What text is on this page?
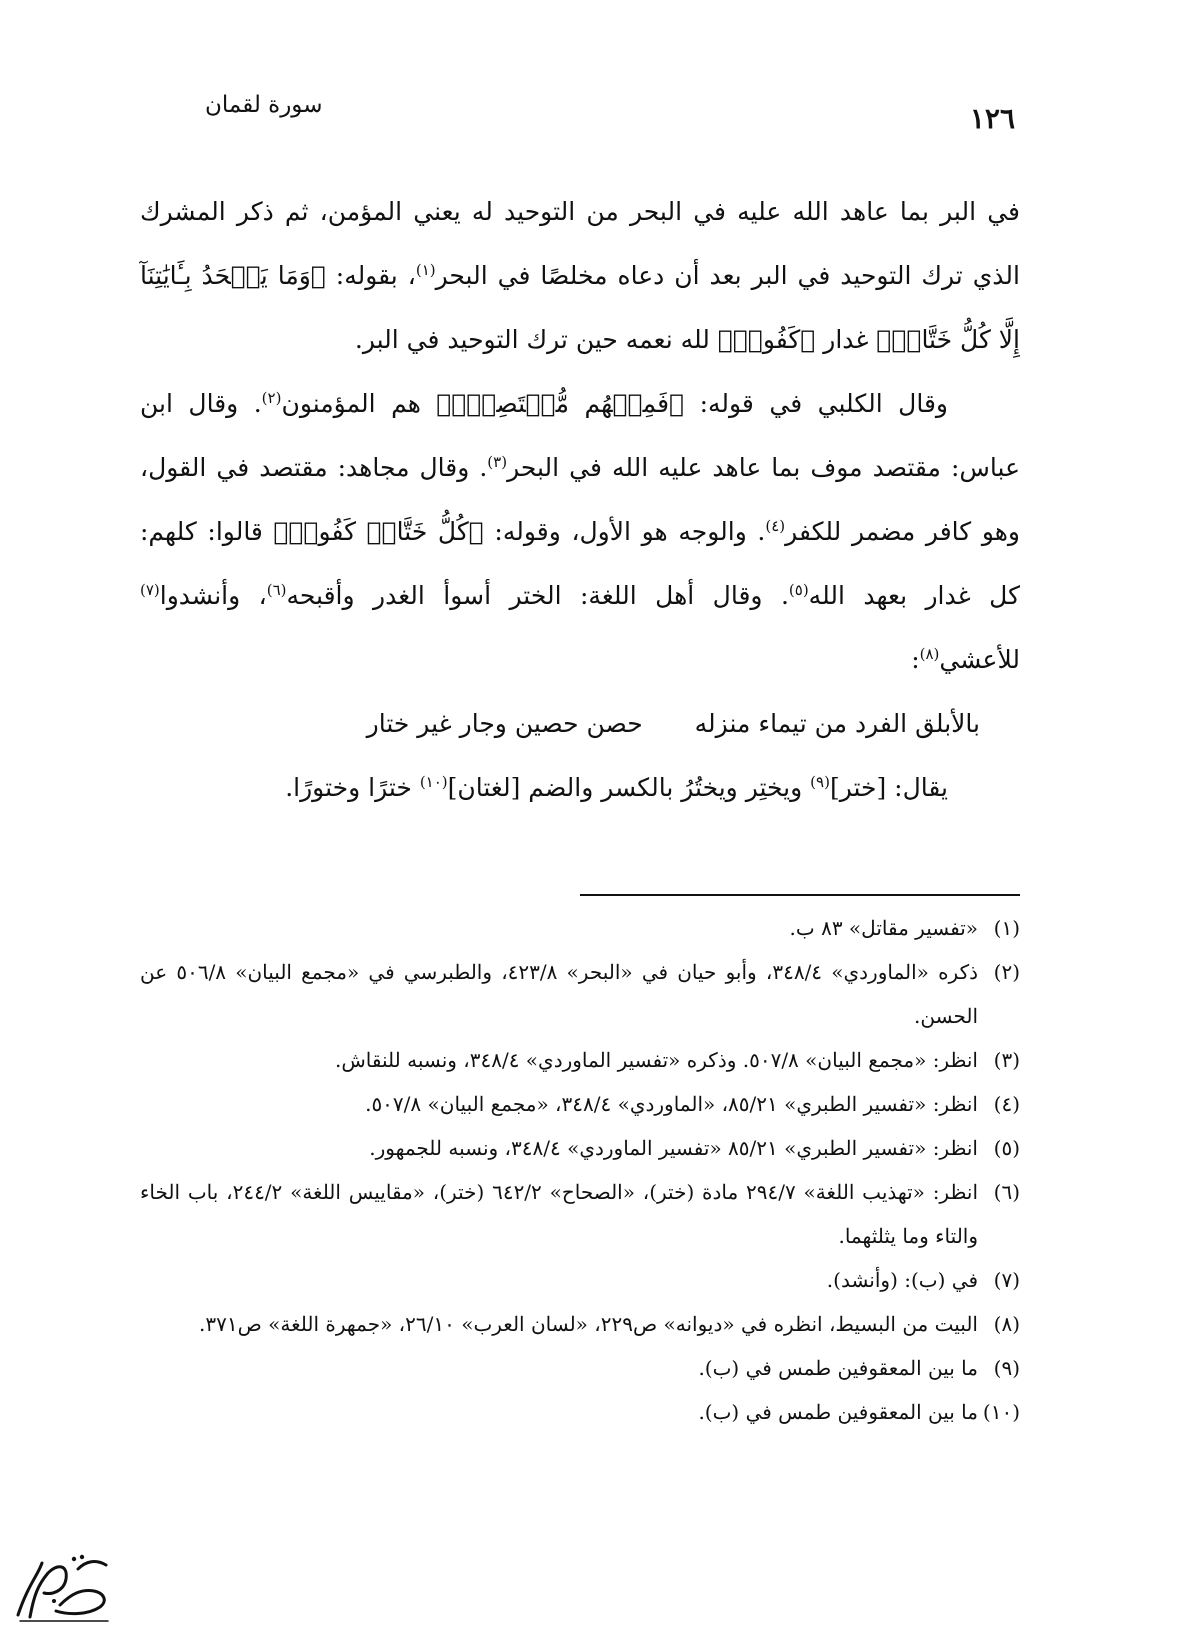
١٢٦
سورة لقمان

في البر بما عاهد الله عليه في البحر من التوحيد له يعني المؤمن، ثم ذكر المشرك الذي ترك التوحيد في البر بعد أن دعاه مخلصًا في البحر$^{(١)}$، بقوله: ﴿وَمَا يَجۡحَدُ بِـَٔايَٰتِنَآ إِلَّا كُلُّ خَتَّارٖ﴾ غدار ﴿كَفُورٖ﴾ لله نعمه حين ترك التوحيد في البر.

وقال الكلبي في قوله: ﴿فَمِنۡهُم مُّقۡتَصِدٞۚ﴾ هم المؤمنون$^{(٢)}$. وقال ابن عباس: مقتصد موف بما عاهد عليه الله في البحر$^{(٣)}$. وقال مجاهد: مقتصد في القول، وهو كافر مضمر للكفر$^{(٤)}$. والوجه هو الأول، وقوله: ﴿كُلُّ خَتَّارٖ كَفُورٖ﴾ قالوا: كلهم: كل غدار بعهد الله$^{(٥)}$. وقال أهل اللغة: الختر أسوأ الغدر وأقبحه$^{(٦)}$، وأنشدوا$^{(٧)}$ للأعشي$^{(٨)}$:

بالأبلق الفرد من تيماء منزله
حصن حصين وجار غير ختار

يقال: [ختر]$^{(٩)}$ ويختِر ويختُرُ بالكسر والضم [لغتان]$^{(١٠)}$ خترًا وختورًا.

(١)
«تفسير مقاتل» ٨٣ ب.
(٢)
ذكره «الماوردي» ٣٤٨/٤، وأبو حيان في «البحر» ٤٢٣/٨، والطبرسي في «مجمع البيان» ٥٠٦/٨ عن الحسن.
(٣)
انظر: «مجمع البيان» ٥٠٧/٨. وذكره «تفسير الماوردي» ٣٤٨/٤، ونسبه للنقاش.
(٤)
انظر: «تفسير الطبري» ٨٥/٢١، «الماوردي» ٣٤٨/٤، «مجمع البيان» ٥٠٧/٨.
(٥)
انظر: «تفسير الطبري» ٨٥/٢١ «تفسير الماوردي» ٣٤٨/٤، ونسبه للجمهور.
(٦)
انظر: «تهذيب اللغة» ٢٩٤/٧ مادة (ختر)، «الصحاح» ٦٤٢/٢ (ختر)، «مقاييس اللغة» ٢٤٤/٢، باب الخاء والتاء وما يثلثهما.
(٧)
في (ب): (وأنشد).
(٨)
البيت من البسيط، انظره في «ديوانه» ص٢٢٩، «لسان العرب» ٢٦/١٠، «جمهرة اللغة» ص٣٧١.
(٩)
ما بين المعقوفين طمس في (ب).
(١٠)
ما بين المعقوفين طمس في (ب).
